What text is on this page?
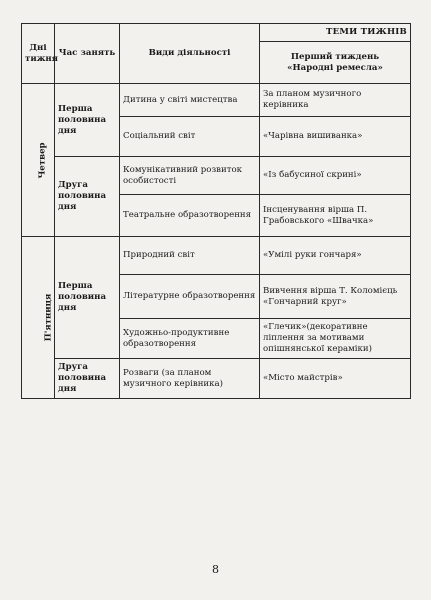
Дні тижня	Час занять	Види діяльності	ТЕМИ ТИЖНІВ
			Перший тиждень
«Народні ремесла»
Четвер	Перша половина дня	Дитина у світі мистецтва	За планом музичного керівника
		Соціальний світ	«Чарівна вишиванка»
	Друга половина дня	Комунікативний розвиток особистості	«Із бабусиної скрині»
		Театральне образотворення	Інсценування вірша П. Грабовського «Швачка»
П'ятниця	Перша половина дня	Природний світ	«Умілі руки гончаря»
		Літературне образотворення	Вивчення вірша Т. Коломієць «Гончарний круг»
		Художньо-продуктивне образотворення	«Глечик»(декоративне ліплення за мотивами опішнянської кераміки)
	Друга половина дня	Розваги (за планом музичного керівника)	«Місто майстрів»
8
